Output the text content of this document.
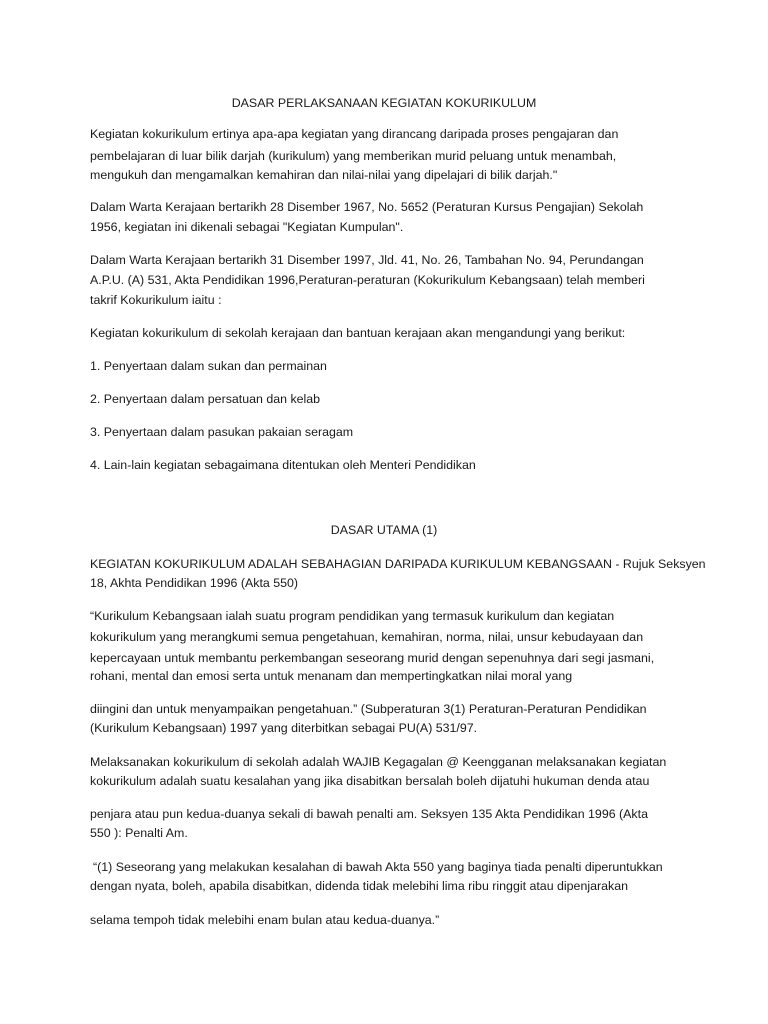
DASAR PERLAKSANAAN KEGIATAN KOKURIKULUM
Kegiatan kokurikulum ertinya apa-apa kegiatan yang dirancang daripada proses pengajaran dan
pembelajaran di luar bilik darjah (kurikulum) yang memberikan murid peluang untuk menambah,
mengukuh dan mengamalkan kemahiran dan nilai-nilai yang dipelajari di bilik darjah."
Dalam Warta Kerajaan bertarikh 28 Disember 1967, No. 5652 (Peraturan Kursus Pengajian) Sekolah
1956, kegiatan ini dikenali sebagai "Kegiatan Kumpulan".
Dalam Warta Kerajaan bertarikh 31 Disember 1997, Jld. 41, No. 26, Tambahan No. 94, Perundangan
A.P.U. (A) 531, Akta Pendidikan 1996,Peraturan-peraturan (Kokurikulum Kebangsaan) telah memberi
takrif Kokurikulum iaitu :
Kegiatan kokurikulum di sekolah kerajaan dan bantuan kerajaan akan mengandungi yang berikut:
1. Penyertaan dalam sukan dan permainan
2. Penyertaan dalam persatuan dan kelab
3. Penyertaan dalam pasukan pakaian seragam
4. Lain-lain kegiatan sebagaimana ditentukan oleh Menteri Pendidikan
DASAR UTAMA (1)
KEGIATAN KOKURIKULUM ADALAH SEBAHAGIAN DARIPADA KURIKULUM KEBANGSAAN - Rujuk Seksyen
18, Akhta Pendidikan 1996 (Akta 550)
“Kurikulum Kebangsaan ialah suatu program pendidikan yang termasuk kurikulum dan kegiatan
kokurikulum yang merangkumi semua pengetahuan, kemahiran, norma, nilai, unsur kebudayaan dan
kepercayaan untuk membantu perkembangan seseorang murid dengan sepenuhnya dari segi jasmani,
rohani, mental dan emosi serta untuk menanam dan mempertingkatkan nilai moral yang
diingini dan untuk menyampaikan pengetahuan.” (Subperaturan 3(1) Peraturan-Peraturan Pendidikan
(Kurikulum Kebangsaan) 1997 yang diterbitkan sebagai PU(A) 531/97.
Melaksanakan kokurikulum di sekolah adalah WAJIB Kegagalan @ Keengganan melaksanakan kegiatan
kokurikulum adalah suatu kesalahan yang jika disabitkan bersalah boleh dijatuhi hukuman denda atau
penjara atau pun kedua-duanya sekali di bawah penalti am. Seksyen 135 Akta Pendidikan 1996 (Akta
550 ): Penalti Am.
“(1) Seseorang yang melakukan kesalahan di bawah Akta 550 yang baginya tiada penalti diperuntukkan
dengan nyata, boleh, apabila disabitkan, didenda tidak melebihi lima ribu ringgit atau dipenjarakan
selama tempoh tidak melebihi enam bulan atau kedua-duanya.”
